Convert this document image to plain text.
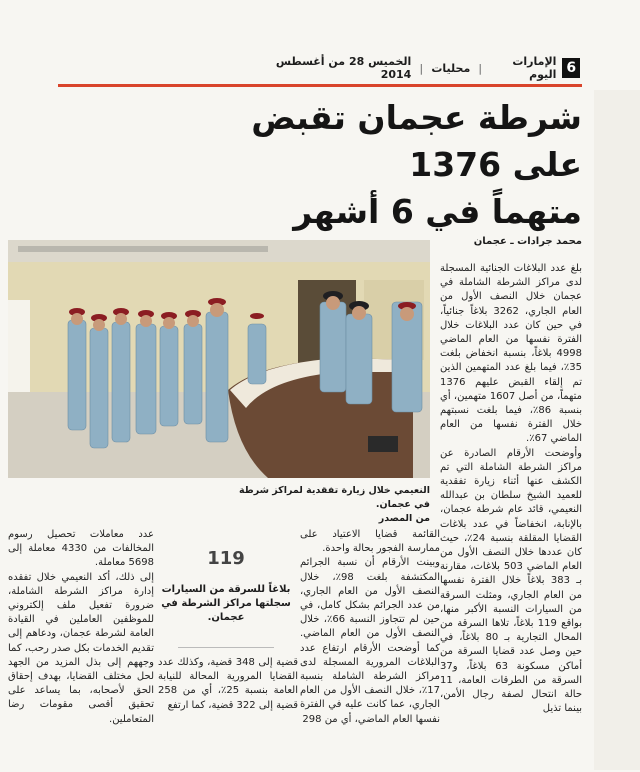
6
الإمارات اليوم
|
محليات
|
الخميس 28 من أغسطس 2014
شرطة عجمان تقبض على 1376
متهماً في 6 أشهر
محمد جرادات ـ عجمان
النعيمي خلال زيارة تفقدية لمراكز شرطة في عجمان.
من المصدر

بلغ عدد البلاغات الجنائية المسجلة لدى مراكز الشرطة الشاملة في عجمان خلال النصف الأول من العام الجاري، 3262 بلاغاً جنائياً، في حين كان عدد البلاغات خلال الفترة نفسها من العام الماضي 4998 بلاغاً، بنسبة انخفاض بلغت 35٪، فيما بلغ عدد المتهمين الذين تم إلقاء القبض عليهم 1376 متهماً، من أصل 1607 متهمين، أي بنسبة 86٪، فيما بلغت نسبتهم خلال الفترة نفسها من العام الماضي 67٪.

وأوضحت الأرقام الصادرة عن مراكز الشرطة الشاملة التي تم الكشف عنها أثناء زيارة تفقدية للعميد الشيخ سلطان بن عبدالله النعيمي، قائد عام شرطة عجمان، بالإنابة، انخفاضاً في عدد بلاغات القضايا المقلقة بنسبة 24٪، حيث كان عددها خلال النصف الأول من العام الماضي 503 بلاغات، مقارنة بـ 383 بلاغاً خلال الفترة نفسها من العام الجاري، ومثلت السرقة من السيارات النسبة الأكبر منها، بواقع 119 بلاغاً، تلاها السرقة من المحال التجارية بـ 80 بلاغاً، في حين وصل عدد قضايا السرقة من أماكن مسكونة 63 بلاغاً، و37 السرقة من الطرقات العامة، 11 حالة انتحال لصفة رجال الأمن، بينما تذيل

القائمة قضايا الاعتياد على ممارسة الفجور بحالة واحدة.

وبينت الأرقام أن نسبة الجرائم المكتشفة بلغت 98٪، خلال النصف الأول من العام الجاري، من عدد الجرائم بشكل كامل، في حين لم تتجاوز النسبة 66٪، خلال النصف الأول من العام الماضي. كما أوضحت الأرقام ارتفاع عدد البلاغات المرورية المسجلة لدى مراكز الشرطة الشاملة بنسبة 17٪، خلال النصف الأول من العام الجاري، عما كانت عليه في الفترة نفسها العام الماضي، أي من 298

119
بلاغاً للسرقة من السيارات سجلتها مراكز الشرطة في عجمان.

قضية إلى 348 قضية، وكذلك عدد القضايا المرورية المحالة للنيابة العامة بنسبة 25٪، أي من 258 قضية إلى 322 قضية، كما ارتفع

عدد معاملات تحصيل رسوم المخالفات من 4330 معاملة إلى 5698 معاملة.

إلى ذلك، أكد النعيمي خلال تفقده إدارة مراكز الشرطة الشاملة، ضرورة تفعيل ملف إلكتروني للموظفين العاملين في القيادة العامة لشرطة عجمان، ودعاهم إلى تقديم الخدمات بكل صدر رحب، كما وجههم إلى بذل المزيد من الجهد لحل مختلف القضايا، بهدف إحقاق الحق لأصحابه، بما يساعد على تحقيق أقصى مقومات رضا المتعاملين.
